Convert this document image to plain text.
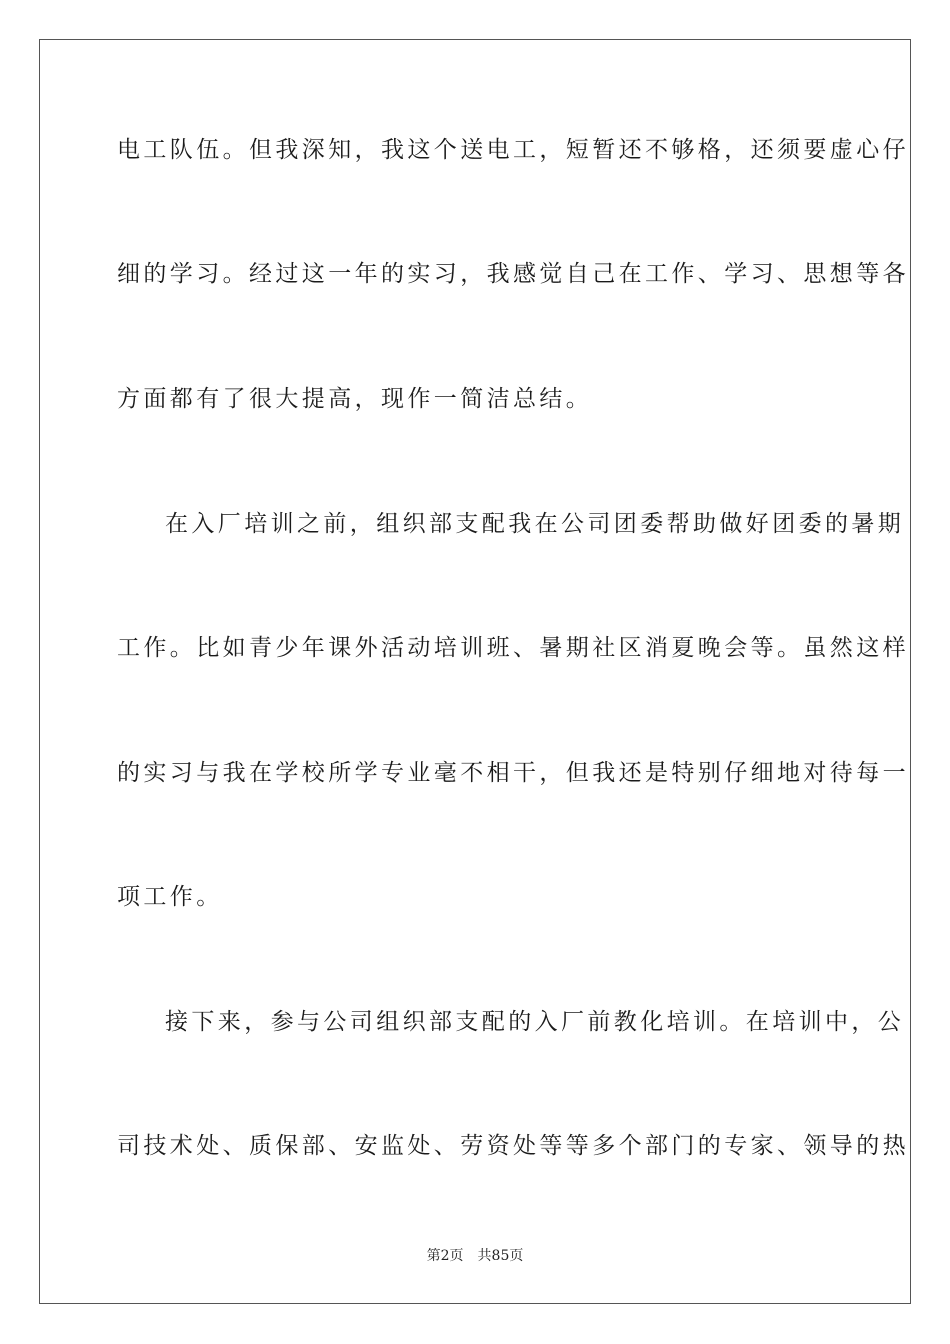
电工队伍。但我深知，我这个送电工，短暂还不够格，还须要虚心仔
细的学习。经过这一年的实习，我感觉自己在工作、学习、思想等各
方面都有了很大提高，现作一简洁总结。
在入厂培训之前，组织部支配我在公司团委帮助做好团委的暑期
工作。比如青少年课外活动培训班、暑期社区消夏晚会等。虽然这样
的实习与我在学校所学专业毫不相干，但我还是特别仔细地对待每一
项工作。
接下来，参与公司组织部支配的入厂前教化培训。在培训中，公
司技术处、质保部、安监处、劳资处等等多个部门的专家、领导的热
第2页 共85页
